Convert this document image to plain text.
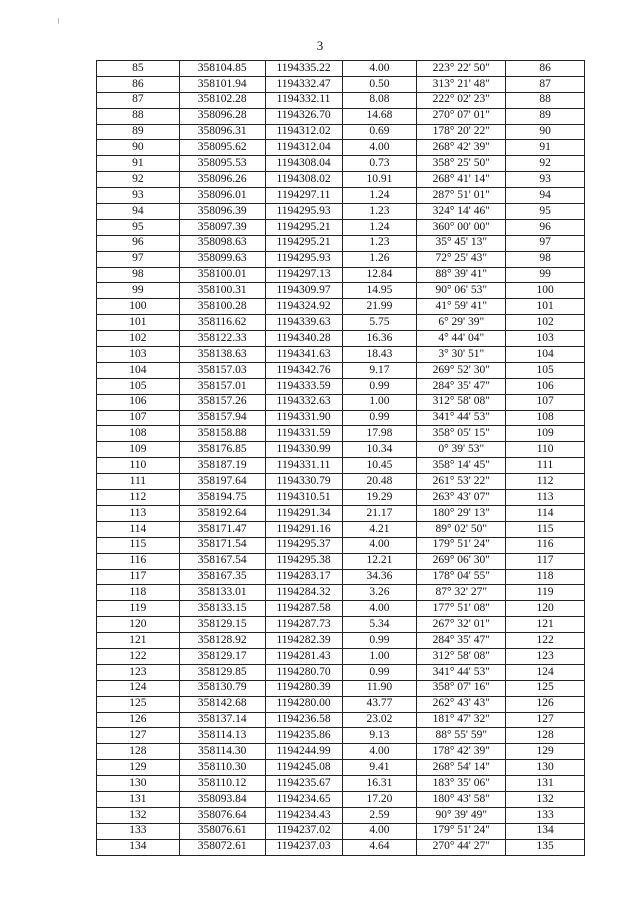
3
85	358104.85	1194335.22	4.00	223° 22' 50"	86
86	358101.94	1194332.47	0.50	313° 21' 48"	87
87	358102.28	1194332.11	8.08	222° 02' 23"	88
88	358096.28	1194326.70	14.68	270° 07' 01"	89
89	358096.31	1194312.02	0.69	178° 20' 22"	90
90	358095.62	1194312.04	4.00	268° 42' 39"	91
91	358095.53	1194308.04	0.73	358° 25' 50"	92
92	358096.26	1194308.02	10.91	268° 41' 14"	93
93	358096.01	1194297.11	1.24	287° 51' 01"	94
94	358096.39	1194295.93	1.23	324° 14' 46"	95
95	358097.39	1194295.21	1.24	360° 00' 00"	96
96	358098.63	1194295.21	1.23	35° 45' 13"	97
97	358099.63	1194295.93	1.26	72° 25' 43"	98
98	358100.01	1194297.13	12.84	88° 39' 41"	99
99	358100.31	1194309.97	14.95	90° 06' 53"	100
100	358100.28	1194324.92	21.99	41° 59' 41"	101
101	358116.62	1194339.63	5.75	6° 29' 39"	102
102	358122.33	1194340.28	16.36	4° 44' 04"	103
103	358138.63	1194341.63	18.43	3° 30' 51"	104
104	358157.03	1194342.76	9.17	269° 52' 30"	105
105	358157.01	1194333.59	0.99	284° 35' 47"	106
106	358157.26	1194332.63	1.00	312° 58' 08"	107
107	358157.94	1194331.90	0.99	341° 44' 53"	108
108	358158.88	1194331.59	17.98	358° 05' 15"	109
109	358176.85	1194330.99	10.34	0° 39' 53"	110
110	358187.19	1194331.11	10.45	358° 14' 45"	111
111	358197.64	1194330.79	20.48	261° 53' 22"	112
112	358194.75	1194310.51	19.29	263° 43' 07"	113
113	358192.64	1194291.34	21.17	180° 29' 13"	114
114	358171.47	1194291.16	4.21	89° 02' 50"	115
115	358171.54	1194295.37	4.00	179° 51' 24"	116
116	358167.54	1194295.38	12.21	269° 06' 30"	117
117	358167.35	1194283.17	34.36	178° 04' 55"	118
118	358133.01	1194284.32	3.26	87° 32' 27"	119
119	358133.15	1194287.58	4.00	177° 51' 08"	120
120	358129.15	1194287.73	5.34	267° 32' 01"	121
121	358128.92	1194282.39	0.99	284° 35' 47"	122
122	358129.17	1194281.43	1.00	312° 58' 08"	123
123	358129.85	1194280.70	0.99	341° 44' 53"	124
124	358130.79	1194280.39	11.90	358° 07' 16"	125
125	358142.68	1194280.00	43.77	262° 43' 43"	126
126	358137.14	1194236.58	23.02	181° 47' 32"	127
127	358114.13	1194235.86	9.13	88° 55' 59"	128
128	358114.30	1194244.99	4.00	178° 42' 39"	129
129	358110.30	1194245.08	9.41	268° 54' 14"	130
130	358110.12	1194235.67	16.31	183° 35' 06"	131
131	358093.84	1194234.65	17.20	180° 43' 58"	132
132	358076.64	1194234.43	2.59	90° 39' 49"	133
133	358076.61	1194237.02	4.00	179° 51' 24"	134
134	358072.61	1194237.03	4.64	270° 44' 27"	135
